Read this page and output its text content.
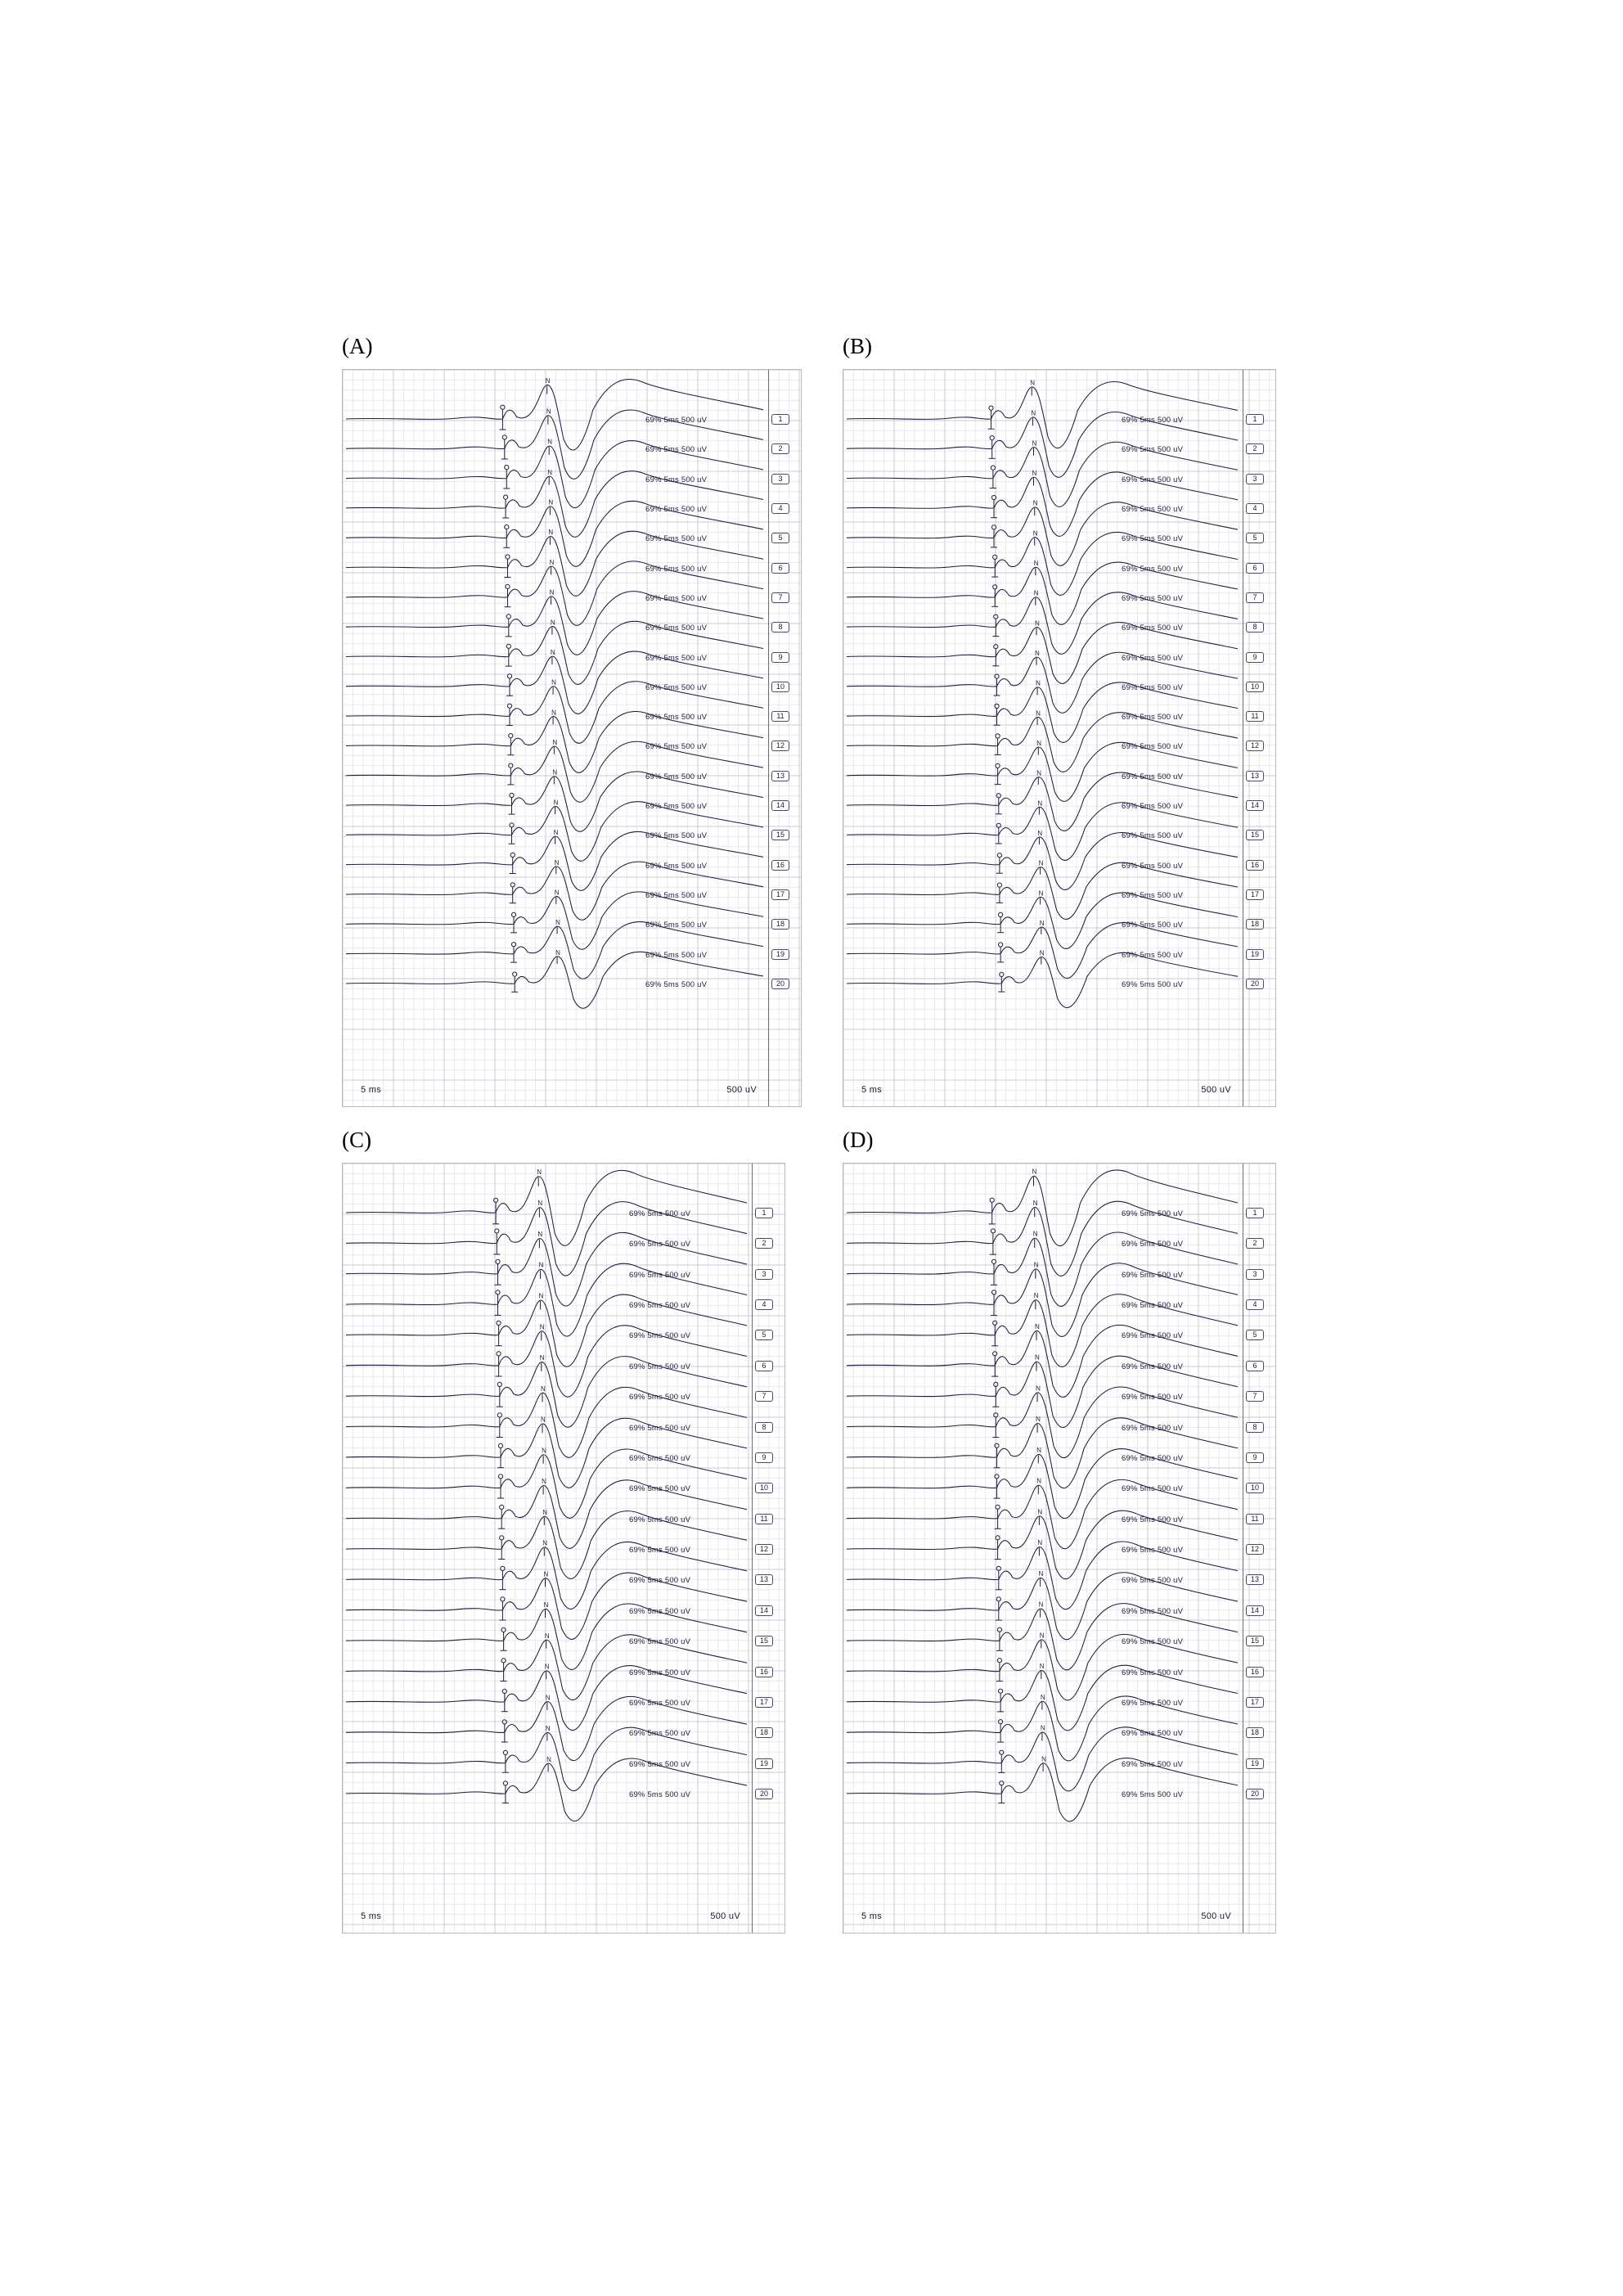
(A)
N
N
N
N
N
N
N
N
N
N
N
N
N
N
N
N
N
N
N
N
69% 5ms 500 uV	1
69% 5ms 500 uV	2
69% 5ms 500 uV	3
69% 5ms 500 uV	4
69% 5ms 500 uV	5
69% 5ms 500 uV	6
69% 5ms 500 uV	7
69% 5ms 500 uV	8
69% 5ms 500 uV	9
69% 5ms 500 uV	10
69% 5ms 500 uV	11
69% 5ms 500 uV	12
69% 5ms 500 uV	13
69% 5ms 500 uV	14
69% 5ms 500 uV	15
69% 5ms 500 uV	16
69% 5ms 500 uV	17
69% 5ms 500 uV	18
69% 5ms 500 uV	19
69% 5ms 500 uV	20
5 ms	500 uV
(B)
N
N
N
N
N
N
N
N
N
N
N
N
N
N
N
N
N
N
N
N
69% 5ms 500 uV	1
69% 5ms 500 uV	2
69% 5ms 500 uV	3
69% 5ms 500 uV	4
69% 5ms 500 uV	5
69% 5ms 500 uV	6
69% 5ms 500 uV	7
69% 5ms 500 uV	8
69% 5ms 500 uV	9
69% 5ms 500 uV	10
69% 5ms 500 uV	11
69% 5ms 500 uV	12
69% 5ms 500 uV	13
69% 5ms 500 uV	14
69% 5ms 500 uV	15
69% 5ms 500 uV	16
69% 5ms 500 uV	17
69% 5ms 500 uV	18
69% 5ms 500 uV	19
69% 5ms 500 uV	20
5 ms	500 uV
(C)
N
N
N
N
N
N
N
N
N
N
N
N
N
N
N
N
N
N
N
N
69% 5ms 500 uV	1
69% 5ms 500 uV	2
69% 5ms 500 uV	3
69% 5ms 500 uV	4
69% 5ms 500 uV	5
69% 5ms 500 uV	6
69% 5ms 500 uV	7
69% 5ms 500 uV	8
69% 5ms 500 uV	9
69% 5ms 500 uV	10
69% 5ms 500 uV	11
69% 5ms 500 uV	12
69% 5ms 500 uV	13
69% 5ms 500 uV	14
69% 5ms 500 uV	15
69% 5ms 500 uV	16
69% 5ms 500 uV	17
69% 5ms 500 uV	18
69% 5ms 500 uV	19
69% 5ms 500 uV	20
5 ms	500 uV
(D)
N
N
N
N
N
N
N
N
N
N
N
N
N
N
N
N
N
N
N
N
69% 5ms 500 uV	1
69% 5ms 500 uV	2
69% 5ms 500 uV	3
69% 5ms 500 uV	4
69% 5ms 500 uV	5
69% 5ms 500 uV	6
69% 5ms 500 uV	7
69% 5ms 500 uV	8
69% 5ms 500 uV	9
69% 5ms 500 uV	10
69% 5ms 500 uV	11
69% 5ms 500 uV	12
69% 5ms 500 uV	13
69% 5ms 500 uV	14
69% 5ms 500 uV	15
69% 5ms 500 uV	16
69% 5ms 500 uV	17
69% 5ms 500 uV	18
69% 5ms 500 uV	19
69% 5ms 500 uV	20
5 ms	500 uV
